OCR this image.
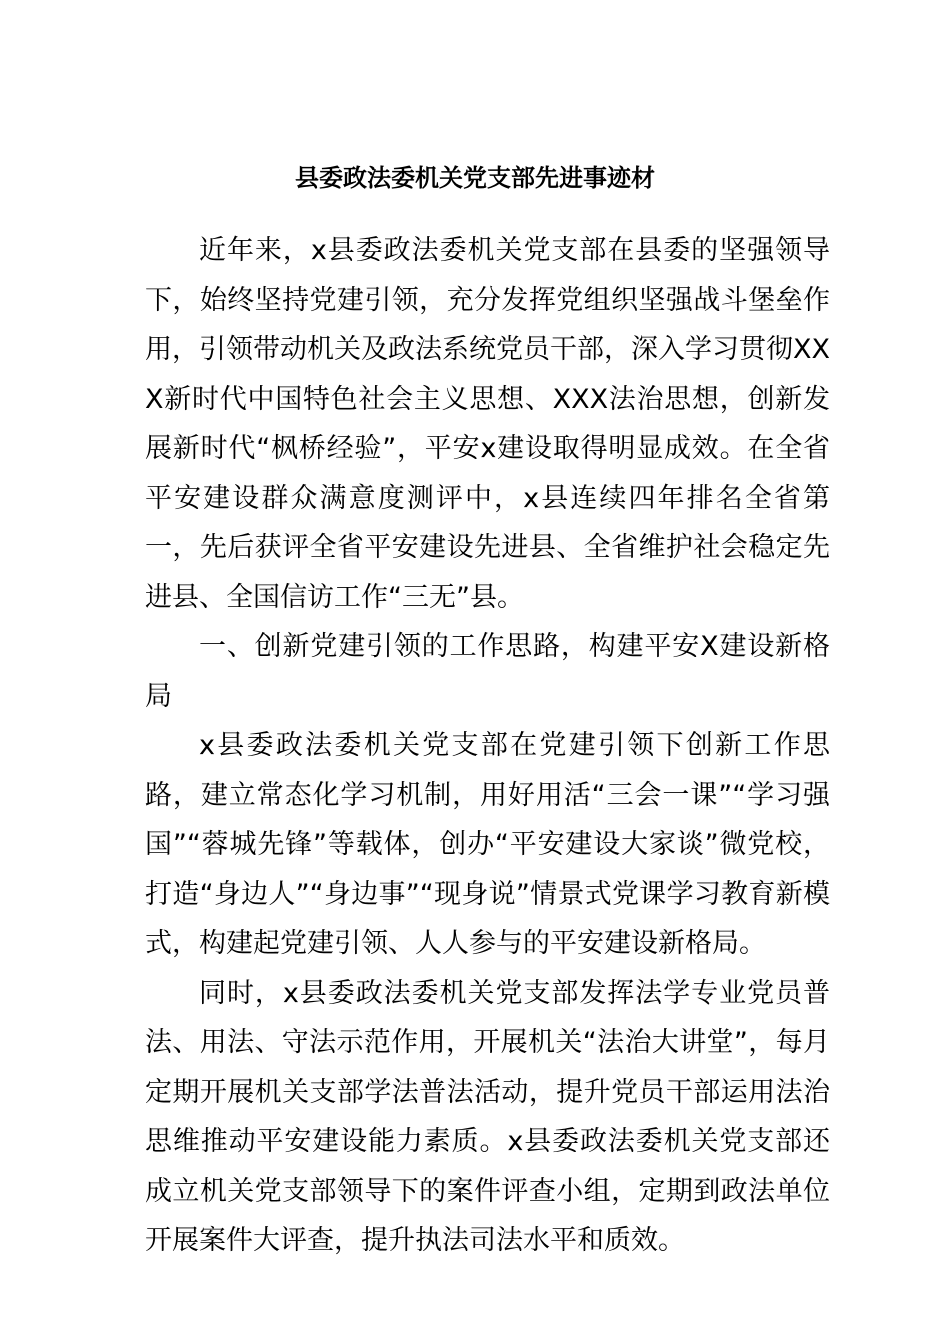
县委政法委机关党支部先进事迹材

近年来，x县委政法委机关党支部在县委的坚强领导下，始终坚持党建引领，充分发挥党组织坚强战斗堡垒作用，引领带动机关及政法系统党员干部，深入学习贯彻XXX新时代中国特色社会主义思想、XXX法治思想，创新发展新时代“枫桥经验”，平安x建设取得明显成效。在全省平安建设群众满意度测评中，x县连续四年排名全省第一，先后获评全省平安建设先进县、全省维护社会稳定先进县、全国信访工作“三无”县。

一、创新党建引领的工作思路，构建平安X建设新格局

x县委政法委机关党支部在党建引领下创新工作思路，建立常态化学习机制，用好用活“三会一课”“学习强国”“蓉城先锋”等载体，创办“平安建设大家谈”微党校，打造“身边人”“身边事”“现身说”情景式党课学习教育新模式，构建起党建引领、人人参与的平安建设新格局。

同时，x县委政法委机关党支部发挥法学专业党员普法、用法、守法示范作用，开展机关“法治大讲堂”，每月定期开展机关支部学法普法活动，提升党员干部运用法治思维推动平安建设能力素质。x县委政法委机关党支部还成立机关党支部领导下的案件评查小组，定期到政法单位开展案件大评查，提升执法司法水平和质效。
